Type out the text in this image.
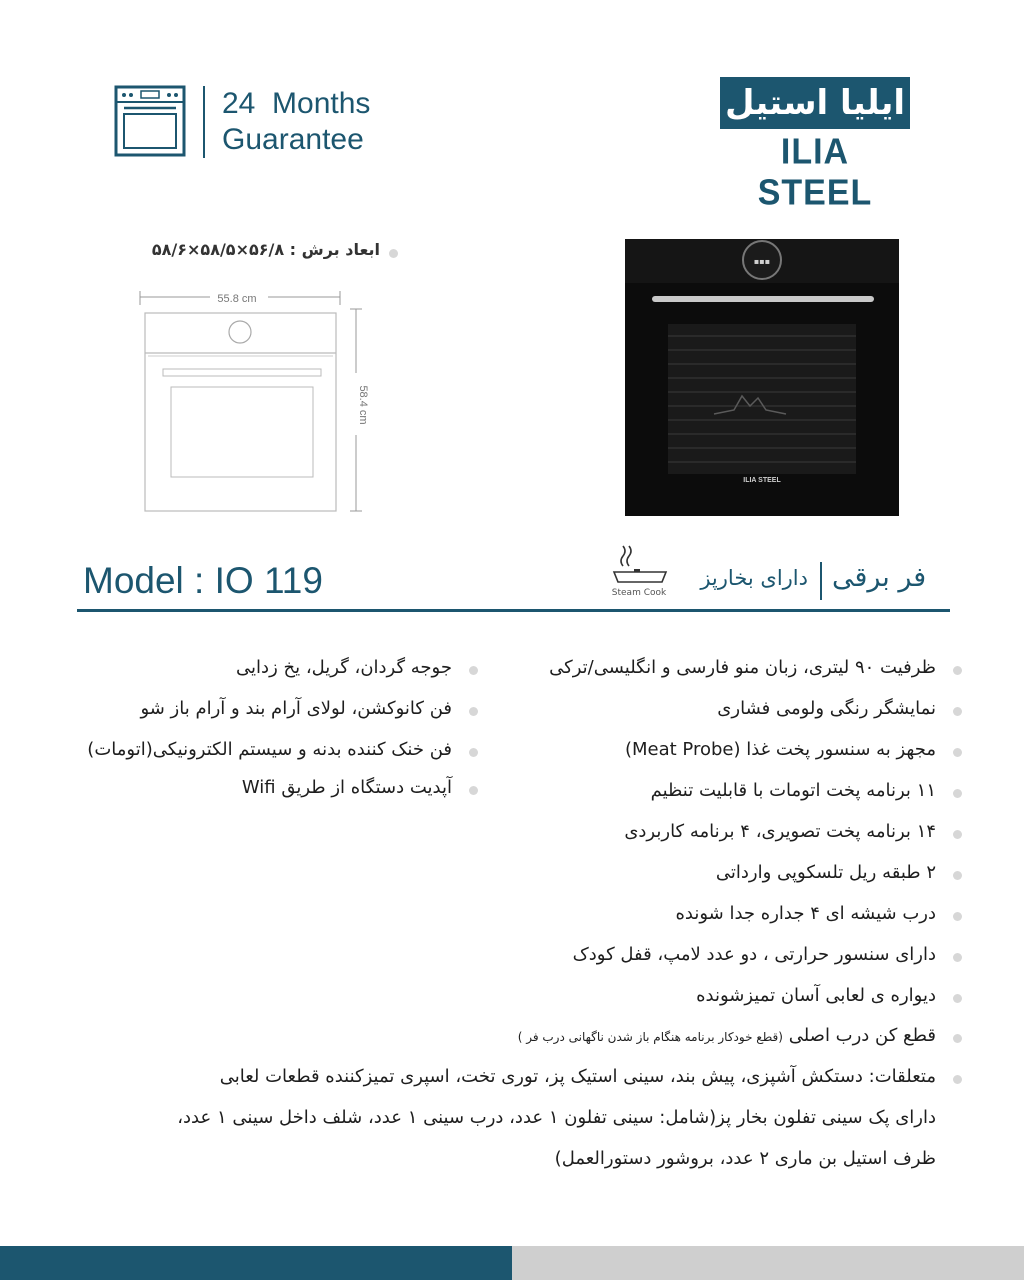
24  Months
Guarantee
ایلیا استیل
ILIA STEEL
ابعاد برش : ۵۶/۸×۵۸/۵×۵۸/۶
55.8 cm
58.4 cm
▪▪▪
ILIA STEEL
Model : IO 119	فر برقی
دارای بخارپز
Steam Cook
ظرفیت ۹۰ لیتری، زبان منو فارسی و انگلیسی/ترکی
نمایشگر رنگی ولومی فشاری
مجهز به سنسور پخت غذا (Meat Probe)
۱۱ برنامه پخت اتومات با قابلیت تنظیم
۱۴ برنامه پخت تصویری، ۴ برنامه کاربردی
۲ طبقه ریل تلسکوپی وارداتی
درب شیشه ای ۴ جداره جدا شونده
دارای سنسور حرارتی ، دو عدد لامپ، قفل کودک
دیواره ی لعابی آسان تمیزشونده
قطع کن درب اصلی (قطع خودکار برنامه هنگام باز شدن ناگهانی درب فر )
متعلقات: دستکش آشپزی، پیش بند، سینی استیک پز، توری تخت، اسپری تمیزکننده قطعات لعابی
دارای پک سینی تفلون بخار پز(شامل: سینی تفلون ۱ عدد، درب سینی ۱ عدد، شلف داخل سینی ۱ عدد،
ظرف استیل بن ماری ۲ عدد، بروشور دستورالعمل)
جوجه گردان، گریل، یخ زدایی
فن کانوکشن، لولای آرام بند و آرام باز شو
فن خنک کننده بدنه و سیستم الکترونیکی(اتومات)
آپدیت دستگاه از طریق Wifi
